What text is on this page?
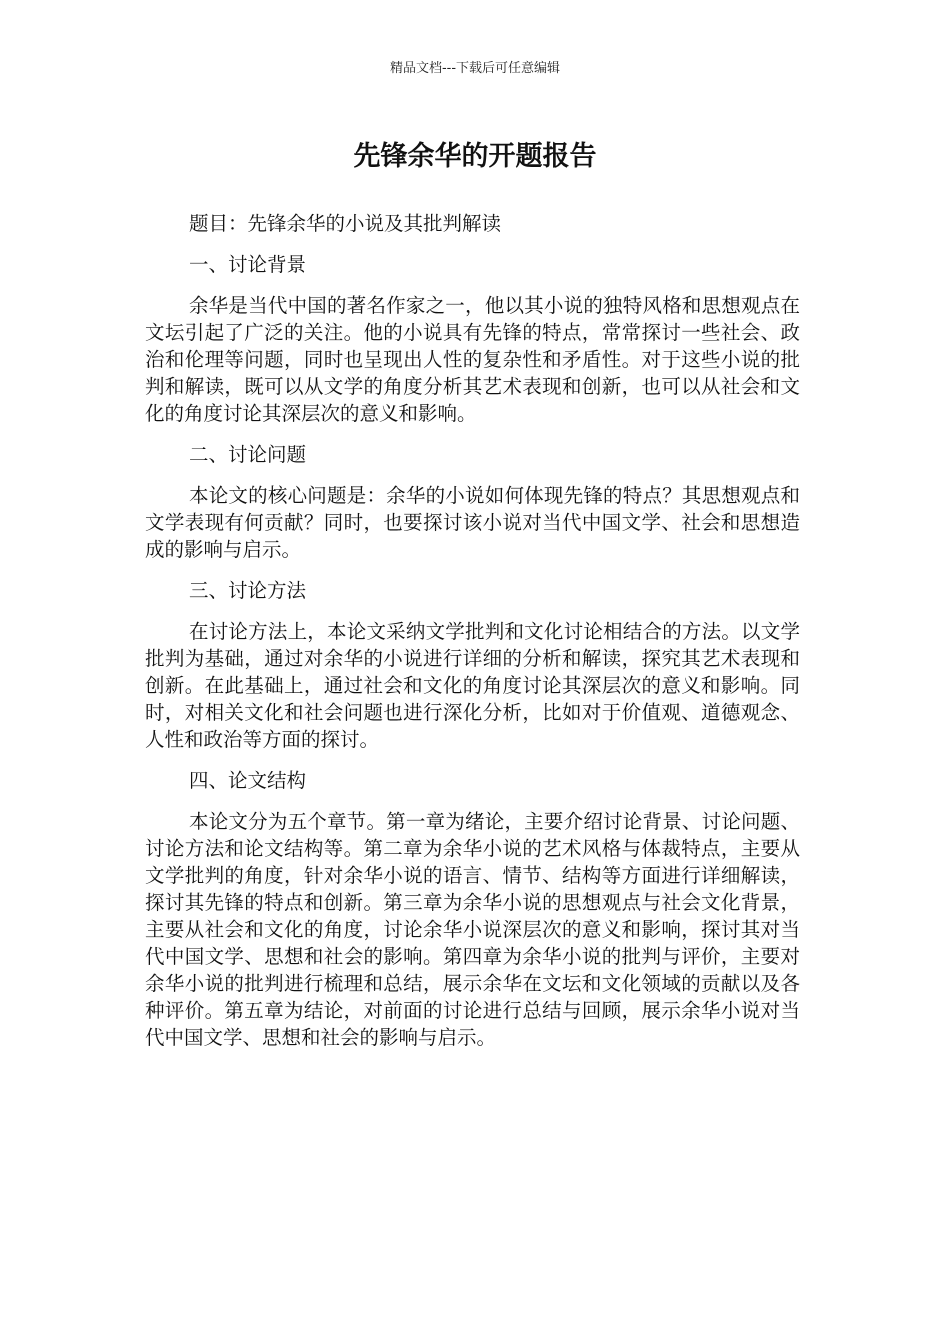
精品文档---下载后可任意编辑
先锋余华的开题报告

题目：先锋余华的小说及其批判解读

一、讨论背景

余华是当代中国的著名作家之一，他以其小说的独特风格和思想观点在文坛引起了广泛的关注。他的小说具有先锋的特点，常常探讨一些社会、政治和伦理等问题，同时也呈现出人性的复杂性和矛盾性。对于这些小说的批判和解读，既可以从文学的角度分析其艺术表现和创新，也可以从社会和文化的角度讨论其深层次的意义和影响。

二、讨论问题

本论文的核心问题是：余华的小说如何体现先锋的特点？其思想观点和文学表现有何贡献？同时，也要探讨该小说对当代中国文学、社会和思想造成的影响与启示。

三、讨论方法

在讨论方法上，本论文采纳文学批判和文化讨论相结合的方法。以文学批判为基础，通过对余华的小说进行详细的分析和解读，探究其艺术表现和创新。在此基础上，通过社会和文化的角度讨论其深层次的意义和影响。同时，对相关文化和社会问题也进行深化分析，比如对于价值观、道德观念、人性和政治等方面的探讨。

四、论文结构

本论文分为五个章节。第一章为绪论，主要介绍讨论背景、讨论问题、讨论方法和论文结构等。第二章为余华小说的艺术风格与体裁特点，主要从文学批判的角度，针对余华小说的语言、情节、结构等方面进行详细解读，探讨其先锋的特点和创新。第三章为余华小说的思想观点与社会文化背景，主要从社会和文化的角度，讨论余华小说深层次的意义和影响，探讨其对当代中国文学、思想和社会的影响。第四章为余华小说的批判与评价，主要对余华小说的批判进行梳理和总结，展示余华在文坛和文化领域的贡献以及各种评价。第五章为结论，对前面的讨论进行总结与回顾，展示余华小说对当代中国文学、思想和社会的影响与启示。
